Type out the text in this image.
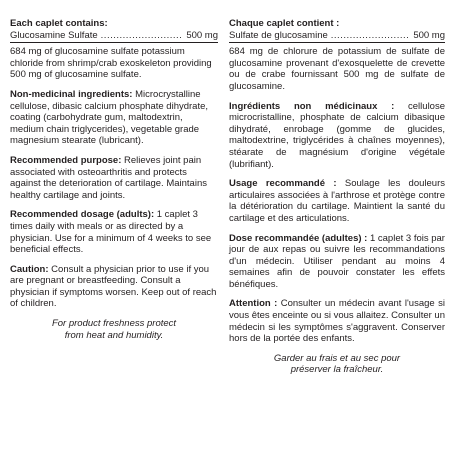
Each caplet contains:

Glucosamine Sulfate .....	500 mg

684 mg of glucosamine sulfate potassium chloride from shrimp/crab exoskeleton providing 500 mg of glucosamine sulfate.

Non-medicinal ingredients: Microcrystalline cellulose, dibasic calcium phosphate dihydrate, coating (carbohydrate gum, maltodextrin, medium chain triglycerides), vegetable grade magnesium stearate (lubricant).

Recommended purpose: Relieves joint pain associated with osteoarthritis and protects against the deterioration of cartilage. Maintains healthy cartilage and joints.

Recommended dosage (adults): 1 caplet 3 times daily with meals or as directed by a physician. Use for a minimum of 4 weeks to see beneficial effects.

Caution: Consult a physician prior to use if you are pregnant or breastfeeding. Consult a physician if symptoms worsen. Keep out of reach of children.

For product freshness protect
from heat and humidity.

Chaque caplet contient :

Sulfate de glucosamine .....	500 mg

684 mg de chlorure de potassium de sulfate de glucosamine provenant d'exosquelette de crevette ou de crabe fournissant 500 mg de sulfate de glucosamine.

Ingrédients non médicinaux : cellulose microcristalline, phosphate de calcium dibasique dihydraté, enrobage (gomme de glucides, maltodextrine, triglycérides à chaînes moyennes), stéarate de magnésium d'origine végétale (lubrifiant).

Usage recommandé : Soulage les douleurs articulaires associées à l'arthrose et protège contre la détérioration du cartilage. Maintient la santé du cartilage et des articulations.

Dose recommandée (adultes) : 1 caplet 3 fois par jour de aux repas ou suivre les recommandations d'un médecin. Utiliser pendant au moins 4 semaines afin de pouvoir constater les effets bénéfiques.

Attention : Consulter un médecin avant l'usage si vous êtes enceinte ou si vous allaitez. Consulter un médecin si les symptômes s'aggravent. Conserver hors de la portée des enfants.

Garder au frais et au sec pour
préserver la fraîcheur.
